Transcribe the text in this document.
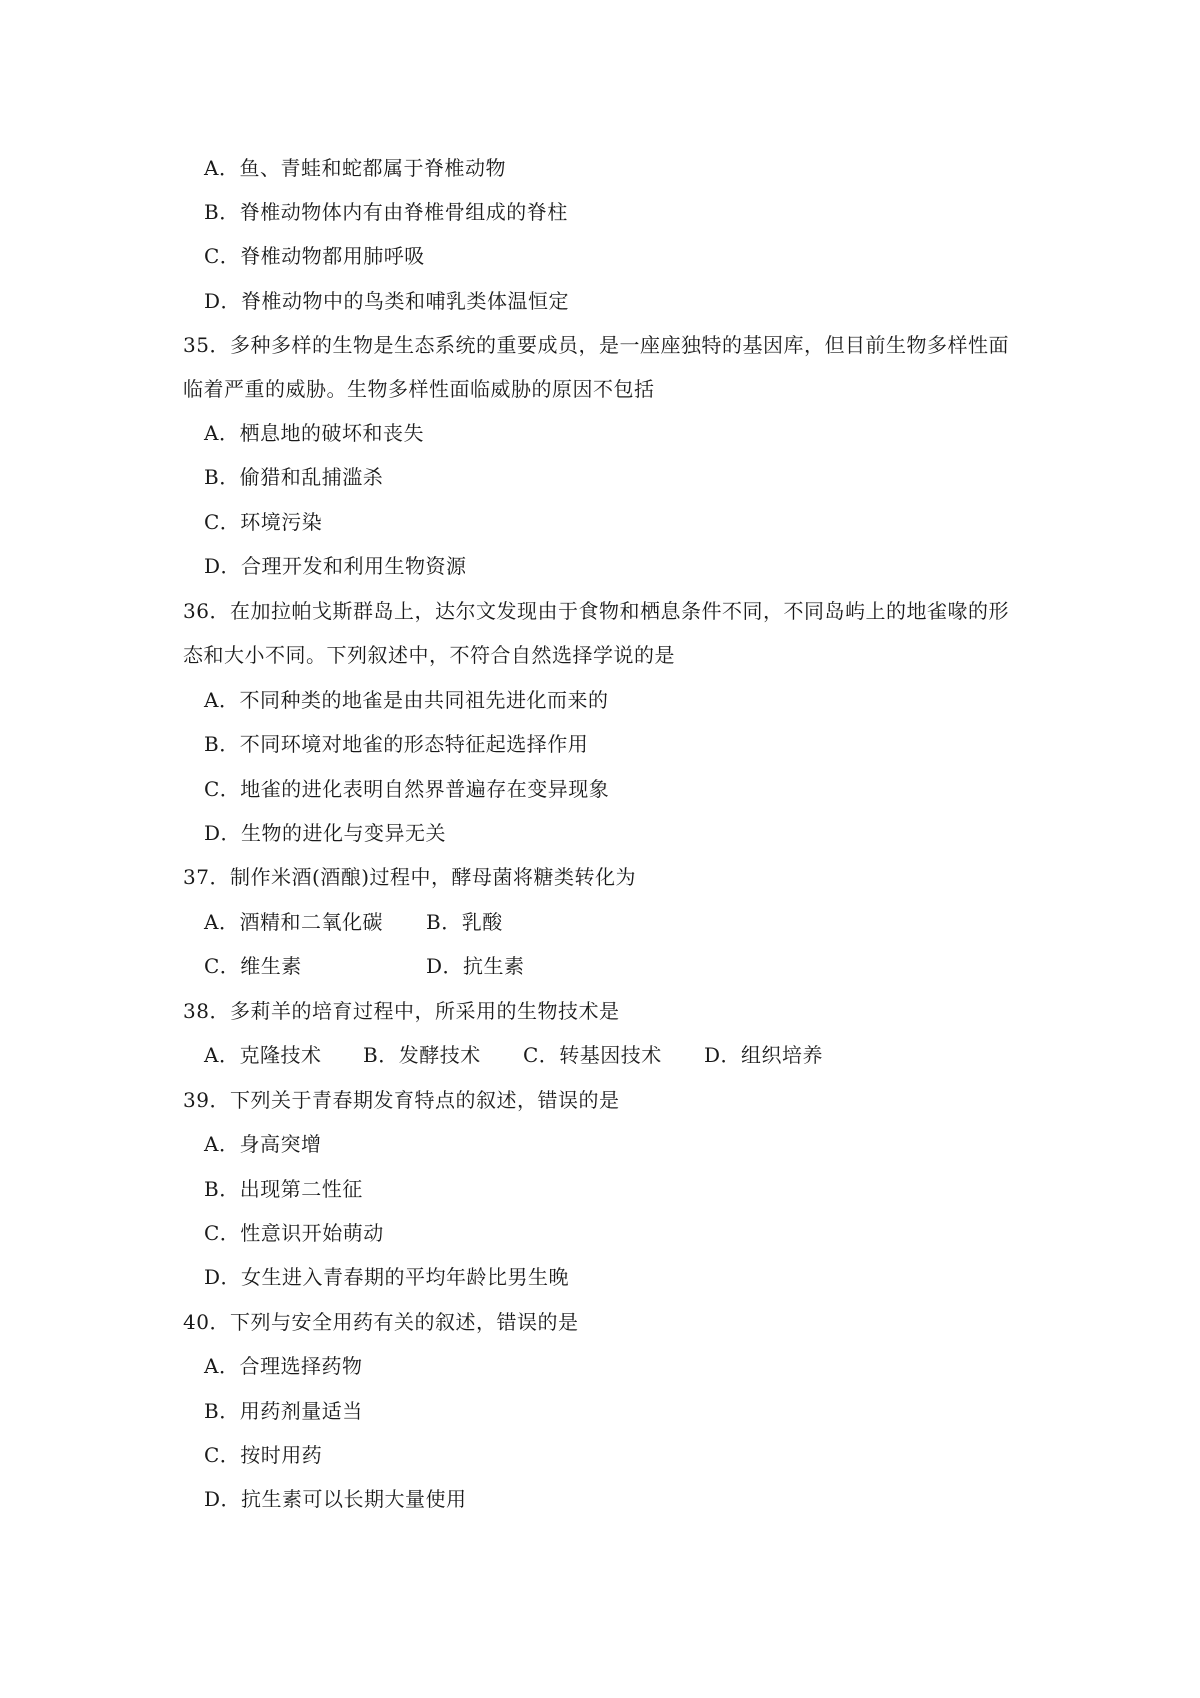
A．鱼、青蛙和蛇都属于脊椎动物
B．脊椎动物体内有由脊椎骨组成的脊柱
C．脊椎动物都用肺呼吸
D．脊椎动物中的鸟类和哺乳类体温恒定
35．多种多样的生物是生态系统的重要成员，是一座座独特的基因库，但目前生物多样性面
临着严重的威胁。生物多样性面临威胁的原因不包括
A．栖息地的破坏和丧失
B．偷猎和乱捕滥杀
C．环境污染
D．合理开发和利用生物资源
36．在加拉帕戈斯群岛上，达尔文发现由于食物和栖息条件不同，不同岛屿上的地雀喙的形
态和大小不同。下列叙述中，不符合自然选择学说的是
A．不同种类的地雀是由共同祖先进化而来的
B．不同环境对地雀的形态特征起选择作用
C．地雀的进化表明自然界普遍存在变异现象
D．生物的进化与变异无关
37．制作米酒(酒酿)过程中，酵母菌将糖类转化为
A．酒精和二氧化碳 B．乳酸
C．维生素	D．抗生素
38．多莉羊的培育过程中，所采用的生物技术是
A．克隆技术 B．发酵技术 C．转基因技术 D．组织培养
39．下列关于青春期发育特点的叙述，错误的是
A．身高突增
B．出现第二性征
C．性意识开始萌动
D．女生进入青春期的平均年龄比男生晚
40．下列与安全用药有关的叙述，错误的是
A．合理选择药物
B．用药剂量适当
C．按时用药
D．抗生素可以长期大量使用
